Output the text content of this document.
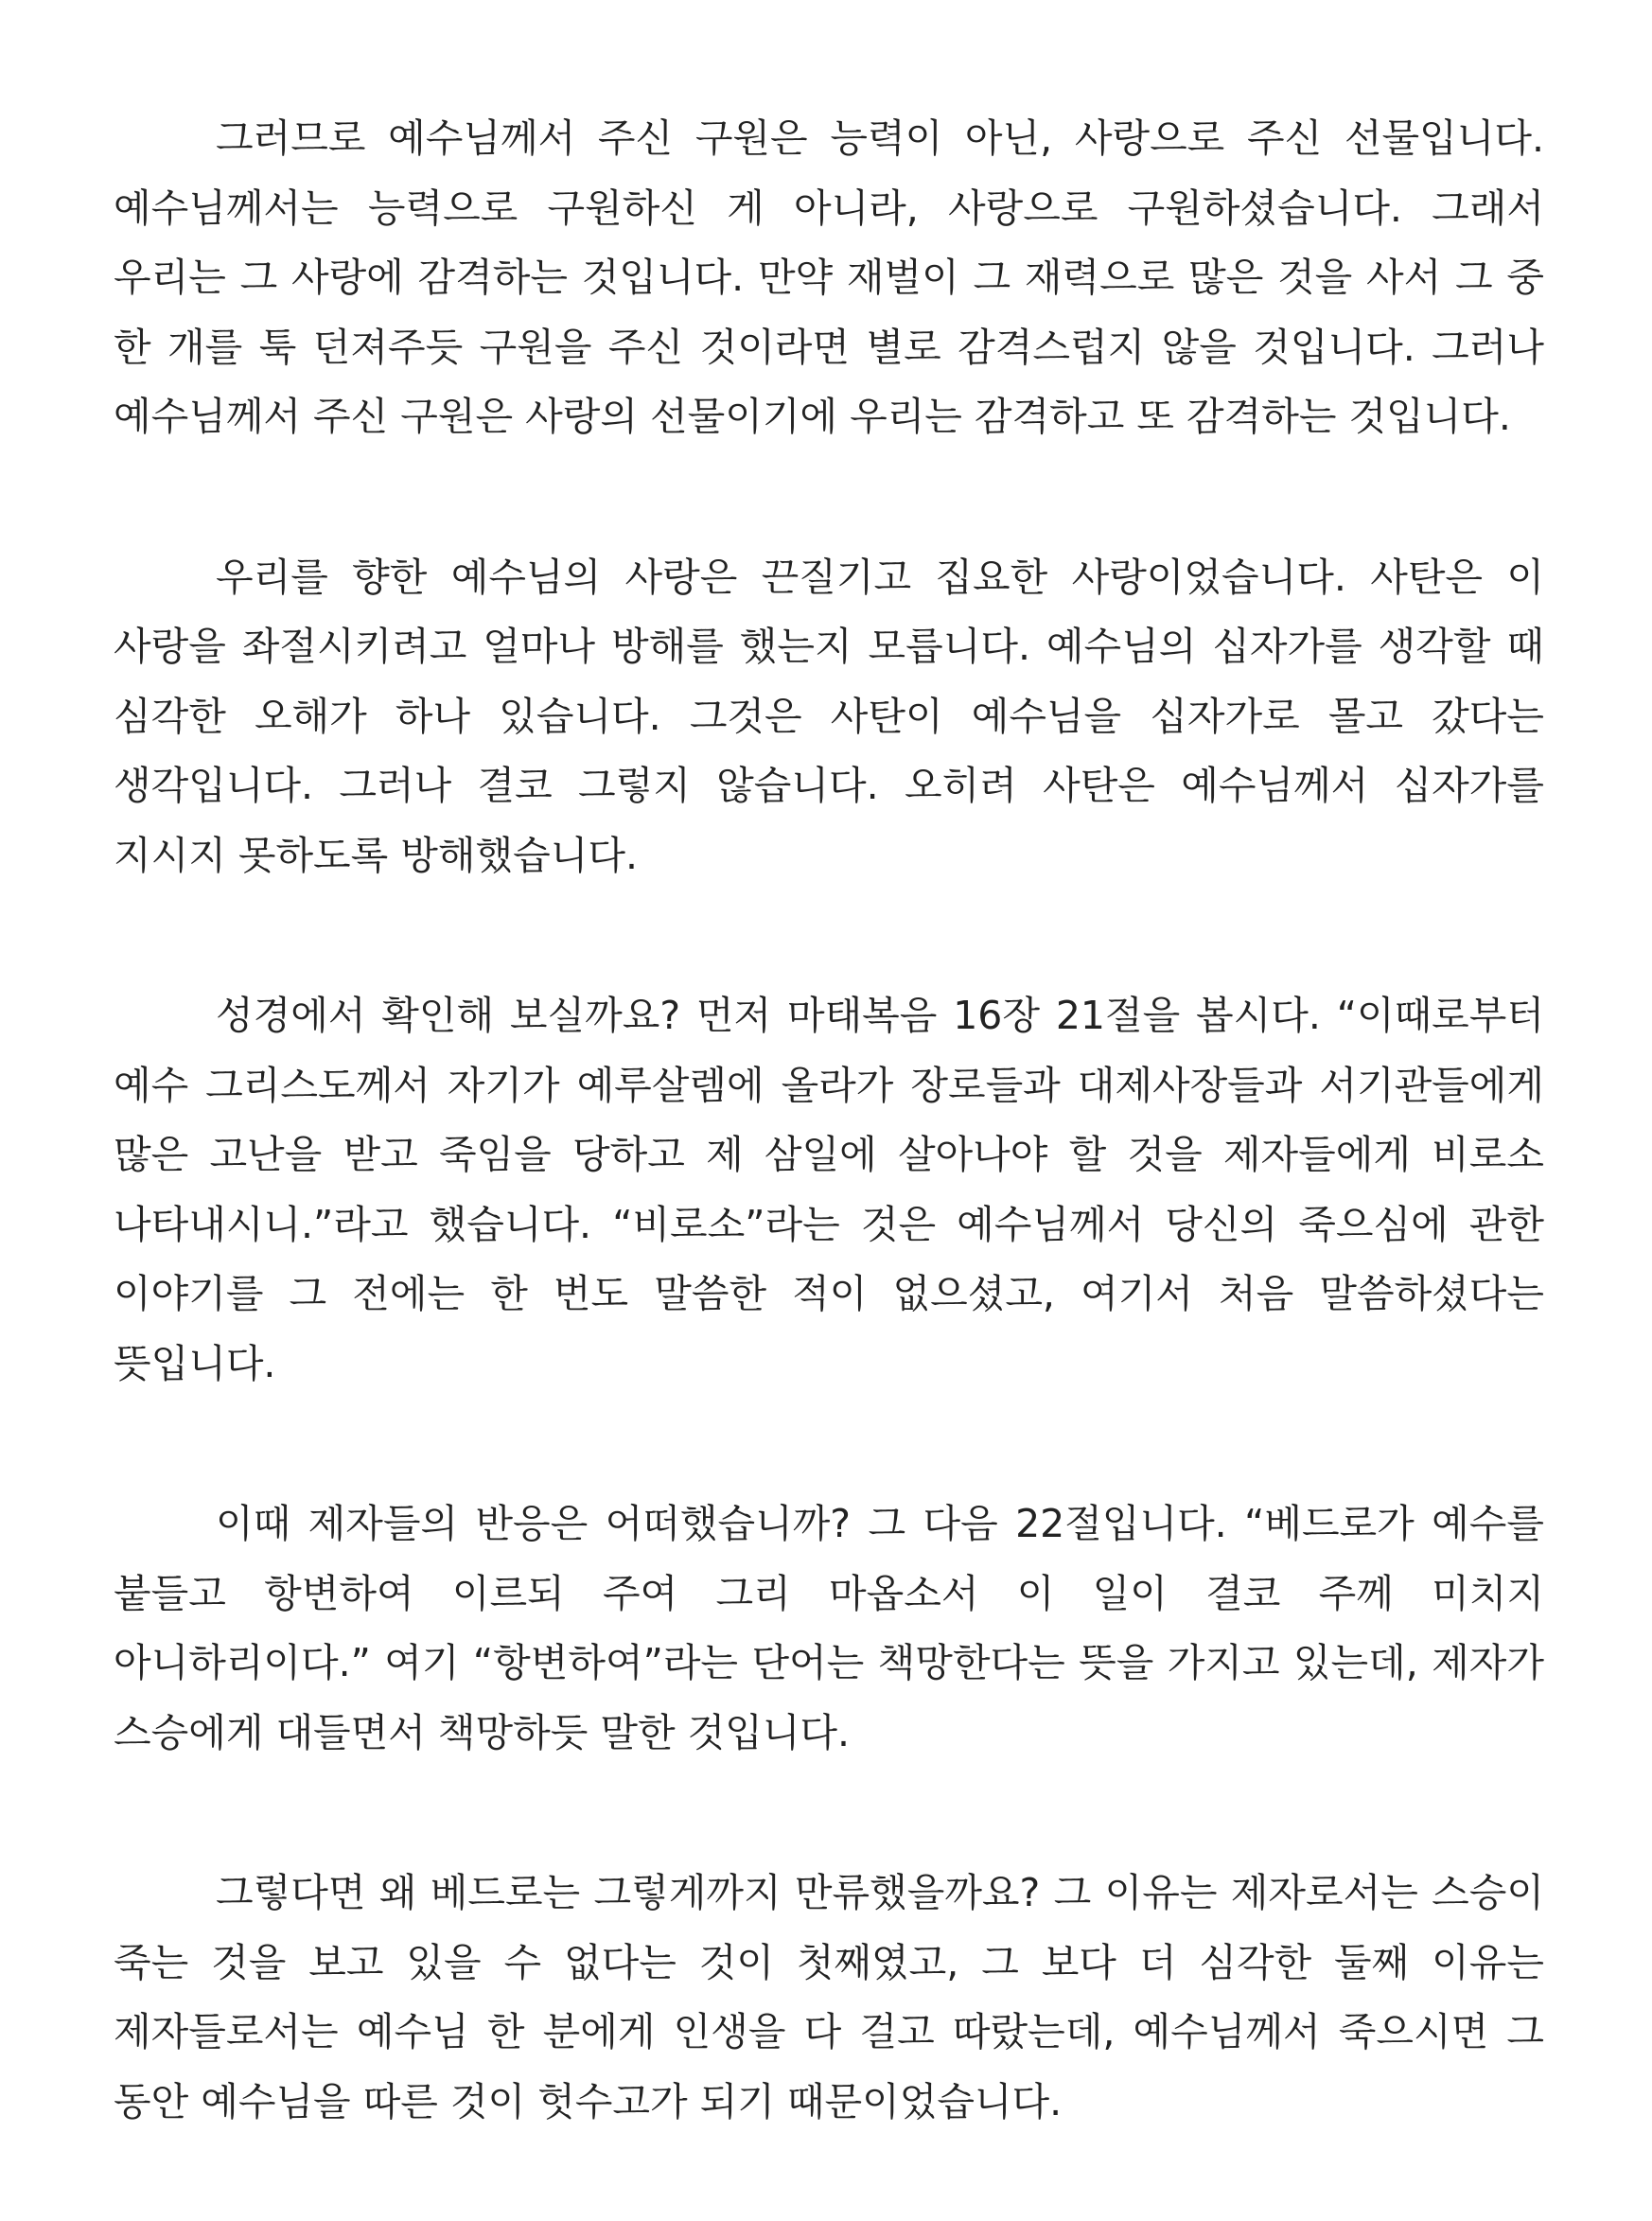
그러므로 예수님께서 주신 구원은 능력이 아닌, 사랑으로 주신 선물입니다. 예수님께서는 능력으로 구원하신 게 아니라, 사랑으로 구원하셨습니다. 그래서 우리는 그 사랑에 감격하는 것입니다. 만약 재벌이 그 재력으로 많은 것을 사서 그 중 한 개를 툭 던져주듯 구원을 주신 것이라면 별로 감격스럽지 않을 것입니다. 그러나 예수님께서 주신 구원은 사랑의 선물이기에 우리는 감격하고 또 감격하는 것입니다.

우리를 향한 예수님의 사랑은 끈질기고 집요한 사랑이었습니다. 사탄은 이 사랑을 좌절시키려고 얼마나 방해를 했는지 모릅니다. 예수님의 십자가를 생각할 때 심각한 오해가 하나 있습니다. 그것은 사탄이 예수님을 십자가로 몰고 갔다는 생각입니다. 그러나 결코 그렇지 않습니다. 오히려 사탄은 예수님께서 십자가를 지시지 못하도록 방해했습니다.

성경에서 확인해 보실까요? 먼저 마태복음 16장 21절을 봅시다. “이때로부터 예수 그리스도께서 자기가 예루살렘에 올라가 장로들과 대제사장들과 서기관들에게 많은 고난을 받고 죽임을 당하고 제 삼일에 살아나야 할 것을 제자들에게 비로소 나타내시니.”라고 했습니다. “비로소”라는 것은 예수님께서 당신의 죽으심에 관한 이야기를 그 전에는 한 번도 말씀한 적이 없으셨고, 여기서 처음 말씀하셨다는 뜻입니다.

이때 제자들의 반응은 어떠했습니까? 그 다음 22절입니다. “베드로가 예수를 붙들고 항변하여 이르되 주여 그리 마옵소서 이 일이 결코 주께 미치지 아니하리이다.” 여기 “항변하여”라는 단어는 책망한다는 뜻을 가지고 있는데, 제자가 스승에게 대들면서 책망하듯 말한 것입니다.

그렇다면 왜 베드로는 그렇게까지 만류했을까요? 그 이유는 제자로서는 스승이 죽는 것을 보고 있을 수 없다는 것이 첫째였고, 그 보다 더 심각한 둘째 이유는 제자들로서는 예수님 한 분에게 인생을 다 걸고 따랐는데, 예수님께서 죽으시면 그 동안 예수님을 따른 것이 헛수고가 되기 때문이었습니다.
